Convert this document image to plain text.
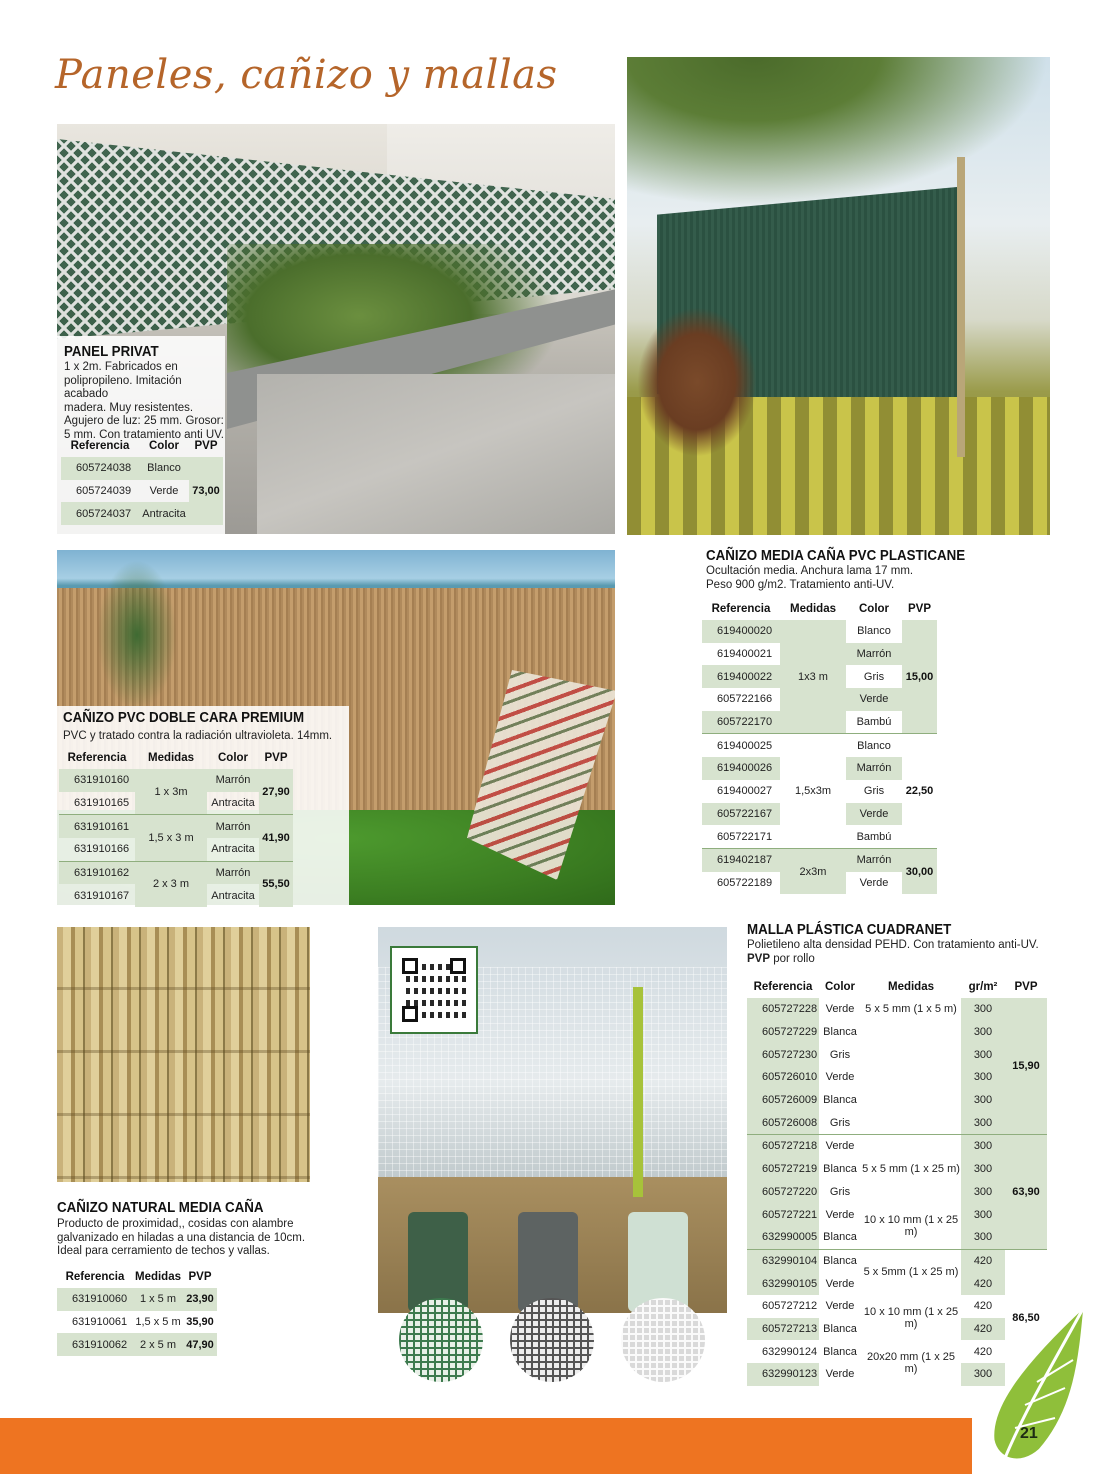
Paneles, cañizo y mallas
PANEL PRIVAT
1 x 2m. Fabricados en
polipropileno. Imitación acabado
madera. Muy resistentes.
Agujero de luz: 25 mm. Grosor:
5 mm. Con tratamiento anti UV.
Referencia	Color	PVP
605724038	Blanco	73,00
605724039	Verde	
605724037	Antracita	
CAÑIZO MEDIA CAÑA PVC PLASTICANE
Ocultación media. Anchura lama 17 mm.
Peso 900 g/m2. Tratamiento anti-UV.
Referencia	Medidas	Color	PVP
619400020	1x3 m	Blanco	15,00
619400021		Marrón	
619400022		Gris	
605722166		Verde	
605722170		Bambú	
619400025	1,5x3m	Blanco	22,50
619400026		Marrón	
619400027		Gris	
605722167		Verde	
605722171		Bambú	
619402187	2x3m	Marrón	30,00
605722189		Verde	
CAÑIZO PVC DOBLE CARA PREMIUM
PVC y tratado contra la radiación ultravioleta. 14mm.
Referencia	Medidas	Color	PVP
631910160	1 x 3m	Marrón	27,90
631910165		Antracita	
631910161	1,5 x 3 m	Marrón	41,90
631910166		Antracita	
631910162	2 x 3 m	Marrón	55,50
631910167		Antracita	
CAÑIZO NATURAL MEDIA CAÑA
Producto de proximidad,, cosidas con alambre
galvanizado en hiladas a una distancia de 10cm.
Ideal para cerramiento de techos y vallas.
Referencia	Medidas	PVP
631910060	1 x 5 m	23,90
631910061	1,5 x 5 m	35,90
631910062	2 x 5 m	47,90
MALLA PLÁSTICA CUADRANET
Polietileno alta densidad PEHD. Con tratamiento anti-UV.
PVP por rollo
Referencia	Color	Medidas	gr/m²	PVP
605727228	Verde	5 x 5 mm (1 x 5 m)	300	15,90
605727229	Blanca		300	
605727230	Gris		300	
605726010	Verde		300	
605726009	Blanca		300	
605726008	Gris		300	
605727218	Verde	5 x 5 mm (1 x 25 m)	300	63,90
605727219	Blanca		300	
605727220	Gris		300	
605727221	Verde	10 x 10 mm (1 x 25 m)	300	
632990005	Blanca		300	
632990104	Blanca	5 x 5mm (1 x 25 m)	420	86,50
632990105	Verde		420	
605727212	Verde	10 x 10 mm (1 x 25 m)	420	
605727213	Blanca		420	
632990124	Blanca	20x20 mm (1 x 25 m)	420	
632990123	Verde		300	
21
